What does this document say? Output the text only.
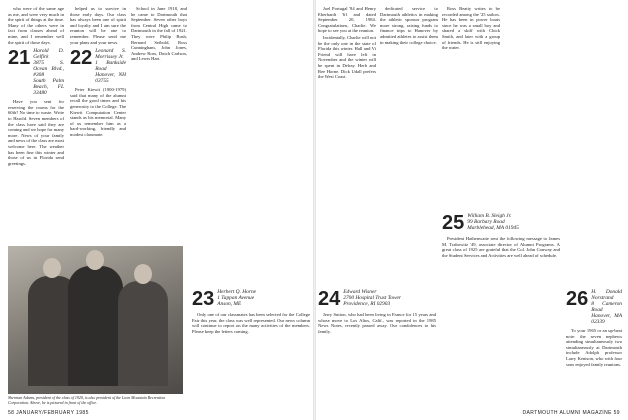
who were of the same age as me, and were very much in the spirit of things at the time. Many of the others were in fact from classes ahead of mine, and I remember well the spirit of those days.

21 Harold D. Gelfirk
3875 S. Ocean Blvd., #308
South Palm Beach, FL 33480

Have you sent for reserving the rooms for the 60th? No time to waste. Write to Harold. Seven members of the class have said they are coming and we hope for many more. News of your family and news of the class are most welcome here. The weather has been fine this winter and those of us in Florida send greetings.

helped us to survive in those early days. Our class has always been one of spirit and loyalty and I am sure the reunion will be one to remember. Please send me your plans and your news.

22 Leonard S. Morrissey Jr.
1 Bankside Road
Hanover, NH 03755

Peter Kiewit (1900-1979) said that many of the alumni recall the good times and his generosity to the College. The Kiewit Computation Center stands as his memorial. Many of us remember him as a hard-working, friendly and modest classmate.

School in June 1918, and he came to Dartmouth that September. Seven other boys from Central High came to Dartmouth in the fall of 1921. They were Philip Bush, Bernard Seibold, Ross Cunningham, John Jones, Andrew Ross, Dutch Carlson, and Lewis Hart.

Sherman Adams, president of the class of 1920, is also president of the Loon Mountain Recreation Corporation. Above, he is pictured in front of the office.
23 Herbert Q. Horne
1 Tappan Avenue
Anson, ME

Only one of our classmates has been selected for the College Fair this year, the class was well represented. Our news column will continue to report on the many activities of the members. Please keep the letters coming.

Joel Portugal '84 and Henry Eberhardt '61 and dated September 20, 1984. Congratulations, Charlie. We hope to see you at the reunion.

Incidentally, Charlie will not be the only one in the state of Florida this winter. Hall and Vi Friend will have left in November and the winter will be spent in Delray. Herb and Ree Horne. Dick Udall prefers the West Coast.

24 Edward Wisner
2700 Hospital Trust Tower
Providence, RI 02903

Jerry Sutton, who had been living in France for 15 years and whose move to Los Altos, Calif., was reported in the 1985 News Notes, recently passed away. Our condolences to his family.

dedicated service to Dartmouth athletics in making the athletic sponsor program more strong, raising funds to finance trips to Hanover by admitted athletes to assist them in making their college choice.

Ross Beatty writes to be recorded among the '25 sailors. He has been in power boats since he was a small boy and shared a skiff with Chick Smith, and later with a group of friends. He is still enjoying the water.

25 William B. Sleigh Jr.
99 Barbary Road
Marblehead, MA 01945

President Hathenwaite sent the following message to James M. Trabowitz '49, associate director of Alumni Programs. A great class of 1925 are grateful that the Col. John Conway and the Student Services and Activities are well ahead of schedule.

26 H. Donald Norstrand
8 Cameron Road
Hanover, MA 02339

To your 1965 or an up-beat note: the seven nephews attending simultaneously two simultaneously at Dartmouth include Adolph professor Larry Kenison, who with four sons enjoyed family reunions.

58 JANUARY/FEBRUARY 1985	DARTMOUTH ALUMNI MAGAZINE 59
